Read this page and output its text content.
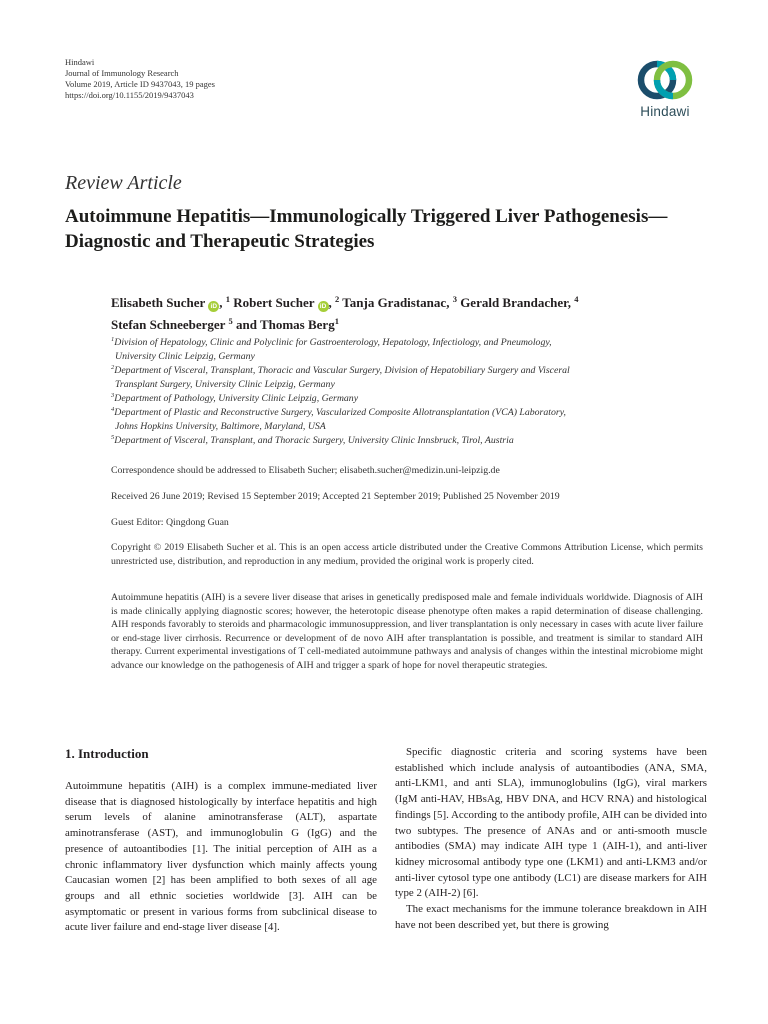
Hindawi
Journal of Immunology Research
Volume 2019, Article ID 9437043, 19 pages
https://doi.org/10.1155/2019/9437043
Hindawi
Review Article
Autoimmune Hepatitis—Immunologically Triggered Liver Pathogenesis—Diagnostic and Therapeutic Strategies
Elisabeth Sucher iD , $^1$ Robert Sucher iD , $^2$ Tanja Gradistanac, $^3$ Gerald Brandacher, $^4$
Stefan Schneeberger $^5$ and Thomas Berg$^1$
$^1$Division of Hepatology, Clinic and Polyclinic for Gastroenterology, Hepatology, Infectiology, and Pneumology,
University Clinic Leipzig, Germany
$^2$Department of Visceral, Transplant, Thoracic and Vascular Surgery, Division of Hepatobiliary Surgery and Visceral
Transplant Surgery, University Clinic Leipzig, Germany
$^3$Department of Pathology, University Clinic Leipzig, Germany
$^4$Department of Plastic and Reconstructive Surgery, Vascularized Composite Allotransplantation (VCA) Laboratory,
Johns Hopkins University, Baltimore, Maryland, USA
$^5$Department of Visceral, Transplant, and Thoracic Surgery, University Clinic Innsbruck, Tirol, Austria
Correspondence should be addressed to Elisabeth Sucher; elisabeth.sucher@medizin.uni-leipzig.de
Received 26 June 2019; Revised 15 September 2019; Accepted 21 September 2019; Published 25 November 2019
Guest Editor: Qingdong Guan
Copyright © 2019 Elisabeth Sucher et al. This is an open access article distributed under the Creative Commons Attribution License, which permits unrestricted use, distribution, and reproduction in any medium, provided the original work is properly cited.
Autoimmune hepatitis (AIH) is a severe liver disease that arises in genetically predisposed male and female individuals worldwide. Diagnosis of AIH is made clinically applying diagnostic scores; however, the heterotopic disease phenotype often makes a rapid determination of disease challenging. AIH responds favorably to steroids and pharmacologic immunosuppression, and liver transplantation is only necessary in cases with acute liver failure or end-stage liver cirrhosis. Recurrence or development of de novo AIH after transplantation is possible, and treatment is similar to standard AIH therapy. Current experimental investigations of T cell-mediated autoimmune pathways and analysis of changes within the intestinal microbiome might advance our knowledge on the pathogenesis of AIH and trigger a spark of hope for novel therapeutic strategies.
1. Introduction

Autoimmune hepatitis (AIH) is a complex immune-mediated liver disease that is diagnosed histologically by interface hepatitis and high serum levels of alanine aminotransferase (ALT), aspartate aminotransferase (AST), and immunoglobulin G (IgG) and the presence of autoantibodies [1]. The initial perception of AIH as a chronic inflammatory liver dysfunction which mainly affects young Caucasian women [2] has been amplified to both sexes of all age groups and all ethnic societies worldwide [3]. AIH can be asymptomatic or present in various forms from subclinical disease to acute liver failure and end-stage liver disease [4].

Specific diagnostic criteria and scoring systems have been established which include analysis of autoantibodies (ANA, SMA, anti-LKM1, and anti SLA), immunoglobulins (IgG), viral markers (IgM anti-HAV, HBsAg, HBV DNA, and HCV RNA) and histological findings [5]. According to the antibody profile, AIH can be divided into two subtypes. The presence of ANAs and or anti-smooth muscle antibodies (SMA) may indicate AIH type 1 (AIH-1), and anti-liver kidney microsomal antibody type one (LKM1) and anti-LKM3 and/or anti-liver cytosol type one antibody (LC1) are disease markers for AIH type 2 (AIH-2) [6].

The exact mechanisms for the immune tolerance breakdown in AIH have not been described yet, but there is growing
